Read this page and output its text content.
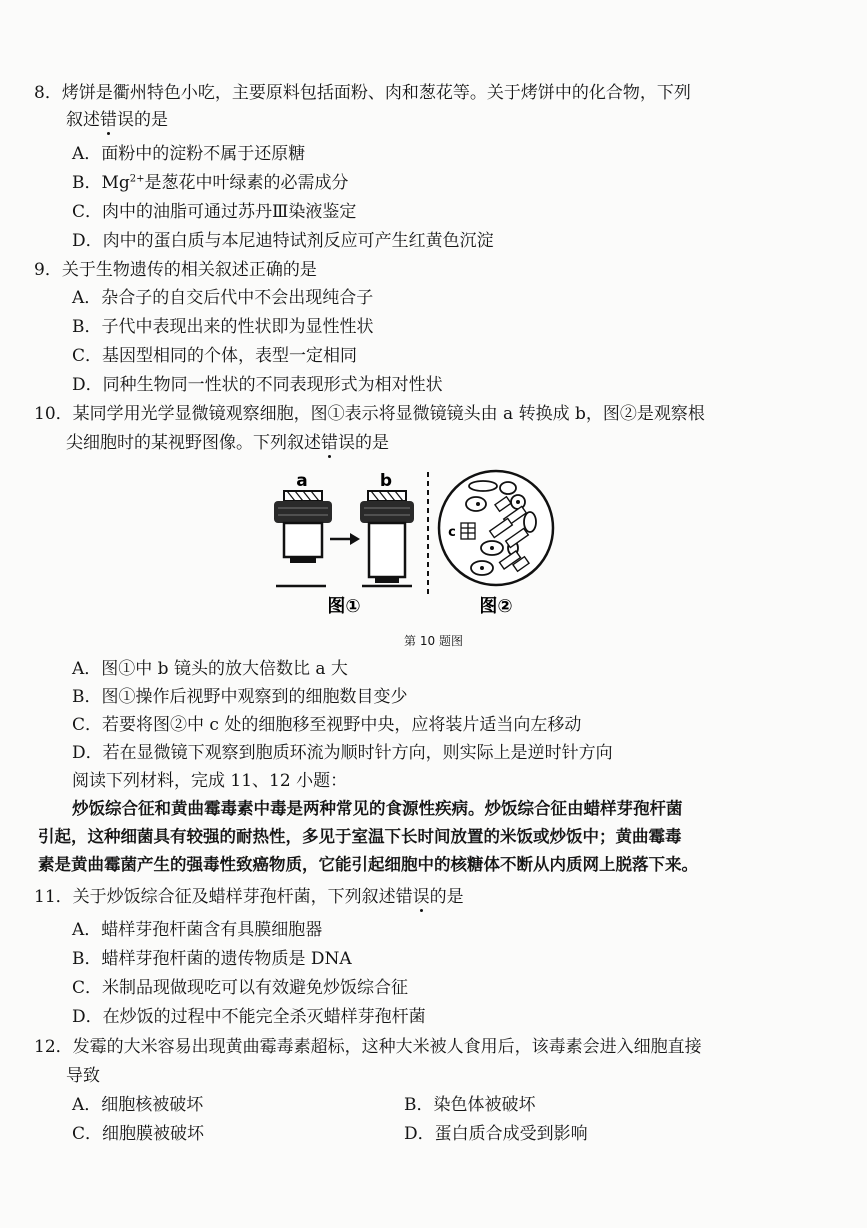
8．烤饼是衢州特色小吃，主要原料包括面粉、肉和葱花等。关于烤饼中的化合物，下列
叙述错误的是
A．面粉中的淀粉不属于还原糖
B．$Mg^{2+}$是葱花中叶绿素的必需成分
C．肉中的油脂可通过苏丹Ⅲ染液鉴定
D．肉中的蛋白质与本尼迪特试剂反应可产生红黄色沉淀
9．关于生物遗传的相关叙述正确的是
A．杂合子的自交后代中不会出现纯合子
B．子代中表现出来的性状即为显性性状
C．基因型相同的个体，表型一定相同
D．同种生物同一性状的不同表现形式为相对性状
10．某同学用光学显微镜观察细胞，图①表示将显微镜镜头由 a 转换成 b，图②是观察根
尖细胞时的某视野图像。下列叙述错误的是
a	b
c
图①	图②
第 10 题图
A．图①中 b 镜头的放大倍数比 a 大
B．图①操作后视野中观察到的细胞数目变少
C．若要将图②中 c 处的细胞移至视野中央，应将装片适当向左移动
D．若在显微镜下观察到胞质环流为顺时针方向，则实际上是逆时针方向
阅读下列材料，完成 11、12 小题：
炒饭综合征和黄曲霉毒素中毒是两种常见的食源性疾病。炒饭综合征由蜡样芽孢杆菌
引起，这种细菌具有较强的耐热性，多见于室温下长时间放置的米饭或炒饭中；黄曲霉毒
素是黄曲霉菌产生的强毒性致癌物质，它能引起细胞中的核糖体不断从内质网上脱落下来。
11．关于炒饭综合征及蜡样芽孢杆菌，下列叙述错误的是
A．蜡样芽孢杆菌含有具膜细胞器
B．蜡样芽孢杆菌的遗传物质是 DNA
C．米制品现做现吃可以有效避免炒饭综合征
D．在炒饭的过程中不能完全杀灭蜡样芽孢杆菌
12．发霉的大米容易出现黄曲霉毒素超标，这种大米被人食用后，该毒素会进入细胞直接
导致
A．细胞核被破坏	B．染色体被破坏
C．细胞膜被破坏	D．蛋白质合成受到影响
